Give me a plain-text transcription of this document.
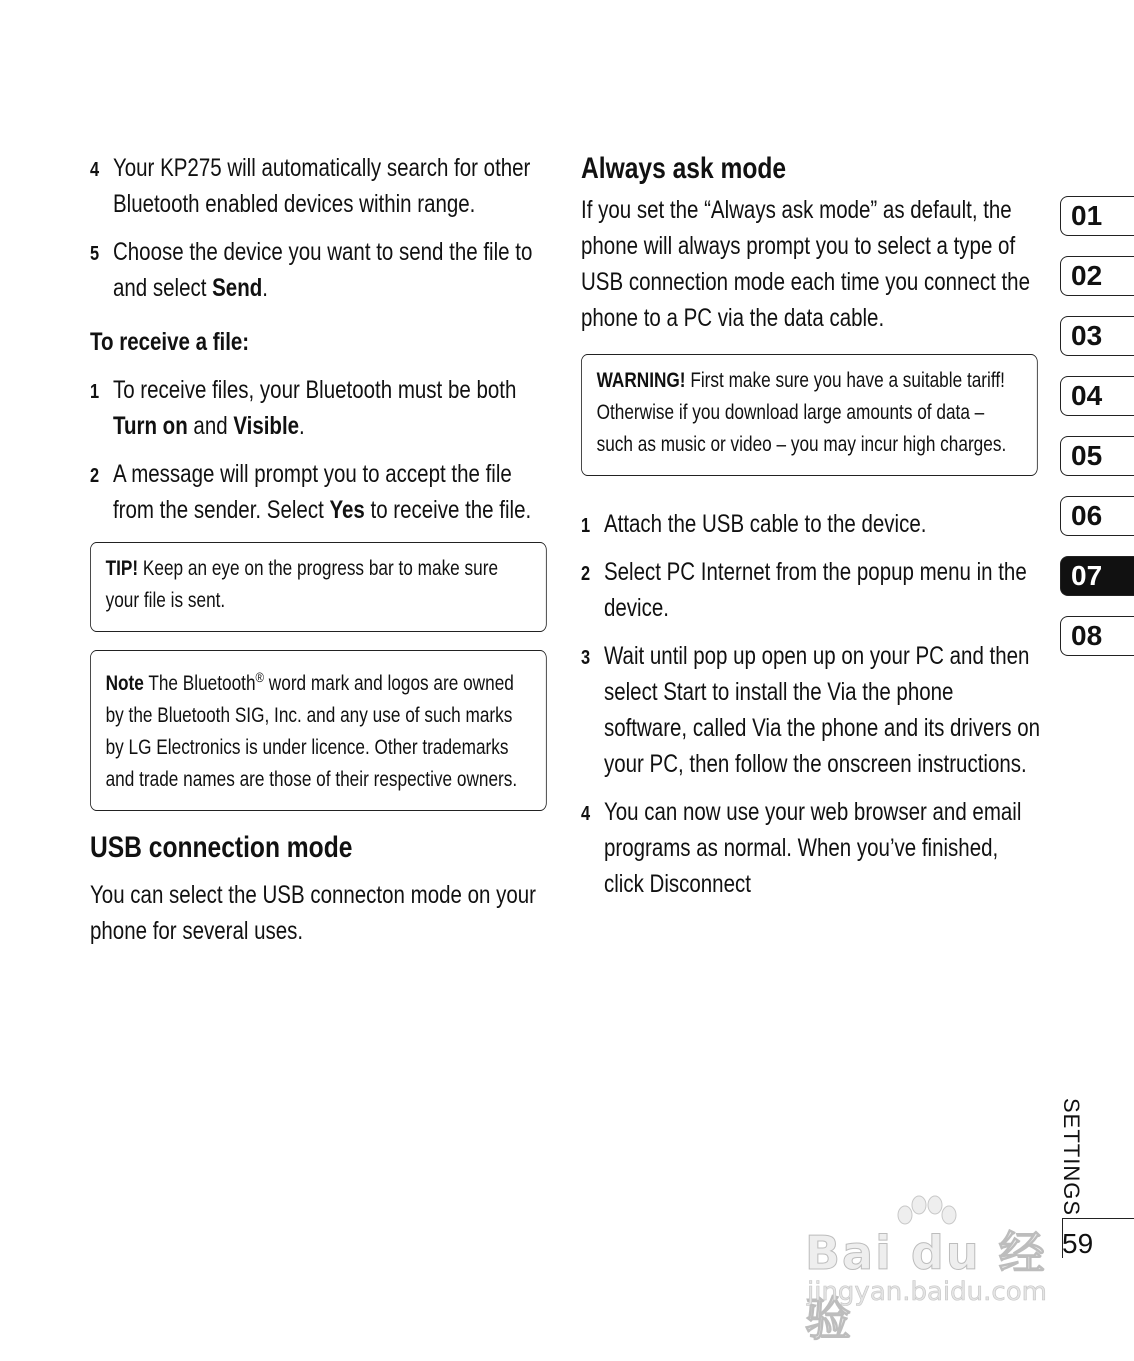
4 Your KP275 will automatically search for other Bluetooth enabled devices within range.
5 Choose the device you want to send the file to and select Send.
To receive a file:
1 To receive files, your Bluetooth must be both Turn on and Visible.
2 A message will prompt you to accept the file from the sender. Select Yes to receive the file.
TIP! Keep an eye on the progress bar to make sure your file is sent.
Note The Bluetooth® word mark and logos are owned by the Bluetooth SIG, Inc. and any use of such marks by LG Electronics is under licence. Other trademarks and trade names are those of their respective owners.
USB connection mode
You can select the USB connecton mode on your phone for several uses.
Always ask mode
If you set the “Always ask mode” as default, the phone will always prompt you to select a type of USB connection mode each time you connect the phone to a PC via the data cable.
WARNING! First make sure you have a suitable tariff! Otherwise if you download large amounts of data – such as music or video – you may incur high charges.
1 Attach the USB cable to the device.
2 Select PC Internet from the popup menu in the device.
3 Wait until pop up open up on your PC and then select Start to install the Via the phone software, called Via the phone and its drivers on your PC, then follow the onscreen instructions.
4 You can now use your web browser and email programs as normal. When you’ve finished, click Disconnect
01
02
03
04
05
06
07
08
SETTINGS
59
Bai du 经验
jingyan.baidu.com
